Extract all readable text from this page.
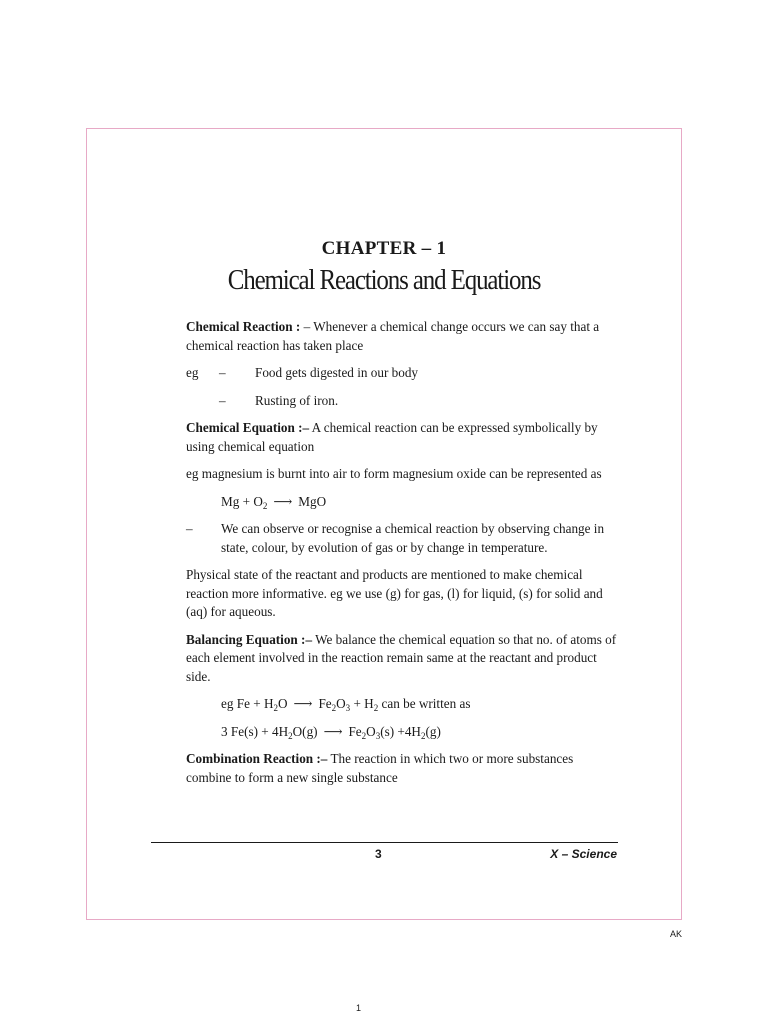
CHAPTER – 1
Chemical Reactions and Equations

Chemical Reaction : – Whenever a chemical change occurs we can say that a chemical reaction has taken place

eg	–	Food gets digested in our body
–	Rusting of iron.

Chemical Equation :– A chemical reaction can be expressed symbolically by using chemical equation

eg magnesium is burnt into air to form magnesium oxide can be represented as

$Mg + O_2$ ⟶ MgO
–	We can observe or recognise a chemical reaction by observing change in state, colour, by evolution of gas or by change in temperature.

Physical state of the reactant and products are mentioned to make chemical reaction more informative. eg we use (g) for gas, (l) for liquid, (s) for solid and (aq) for aqueous.

Balancing Equation :– We balance the chemical equation so that no. of atoms of each element involved in the reaction remain same at the reactant and product side.

eg $Fe + H_2O$ ⟶ $Fe_2O_3 + H_2$ can be written as
3 $Fe(s) + 4H_2O(g)$ ⟶ $Fe_2O_3(s) +4H_2(g)$

Combination Reaction :– The reaction in which two or more substances combine to form a new single substance

3	X – Science
AK
1
